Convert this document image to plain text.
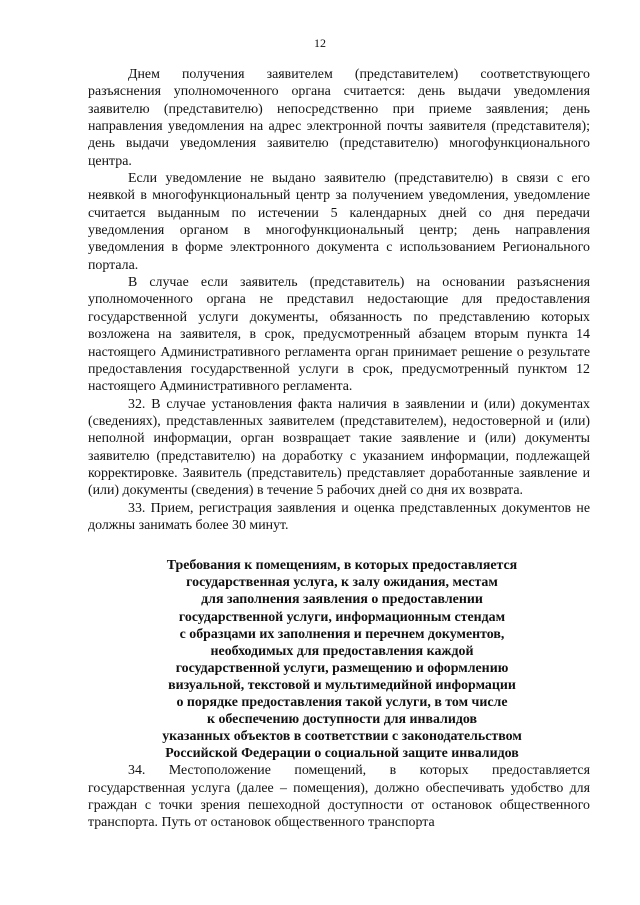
12

Днем получения заявителем (представителем) соответствующего разъяснения уполномоченного органа считается: день выдачи уведомления заявителю (представителю) непосредственно при приеме заявления; день направления уведомления на адрес электронной почты заявителя (представителя); день выдачи уведомления заявителю (представителю) многофункционального центра.

Если уведомление не выдано заявителю (представителю) в связи с его неявкой в многофункциональный центр за получением уведомления, уведомление считается выданным по истечении 5 календарных дней со дня передачи уведомления органом в многофункциональный центр; день направления уведомления в форме электронного документа с использованием Регионального портала.

В случае если заявитель (представитель) на основании разъяснения уполномоченного органа не представил недостающие для предоставления государственной услуги документы, обязанность по представлению которых возложена на заявителя, в срок, предусмотренный абзацем вторым пункта 14 настоящего Административного регламента орган принимает решение о результате предоставления государственной услуги в срок, предусмотренный пунктом 12 настоящего Административного регламента.

32. В случае установления факта наличия в заявлении и (или) документах (сведениях), представленных заявителем (представителем), недостоверной и (или) неполной информации, орган возвращает такие заявление и (или) документы заявителю (представителю) на доработку с указанием информации, подлежащей корректировке. Заявитель (представитель) представляет доработанные заявление и (или) документы (сведения) в течение 5 рабочих дней со дня их возврата.

33. Прием, регистрация заявления и оценка представленных документов не должны занимать более 30 минут.

Требования к помещениям, в которых предоставляется
государственная услуга, к залу ожидания, местам
для заполнения заявления о предоставлении
государственной услуги, информационным стендам
с образцами их заполнения и перечнем документов,
необходимых для предоставления каждой
государственной услуги, размещению и оформлению
визуальной, текстовой и мультимедийной информации
о порядке предоставления такой услуги, в том числе
к обеспечению доступности для инвалидов
указанных объектов в соответствии с законодательством
Российской Федерации о социальной защите инвалидов

34. Местоположение помещений, в которых предоставляется государственная услуга (далее – помещения), должно обеспечивать удобство для граждан с точки зрения пешеходной доступности от остановок общественного транспорта. Путь от остановок общественного транспорта
